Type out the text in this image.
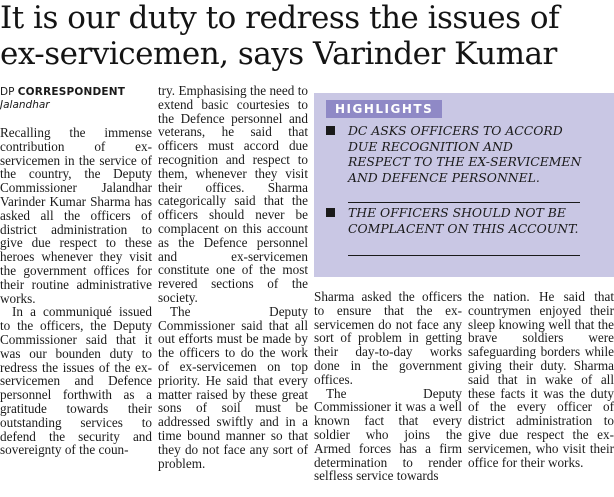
It is our duty to redress the issues of
ex-servicemen, says Varinder Kumar
DP CORRESPONDENT
Jalandhar

Recalling the immense contribution of ex-servicemen in the service of the country, the Deputy Commissioner Jalandhar Varinder Kumar Sharma has asked all the officers of district administration to give due respect to these heroes whenever they visit the government offices for their routine administrative works.

In a communiqué issued to the officers, the Deputy Commissioner said that it was our bounden duty to redress the issues of the ex-servicemen and Defence personnel forthwith as a gratitude towards their outstanding services to defend the security and sovereignty of the coun-

try. Emphasising the need to extend basic courtesies to the Defence personnel and veterans, he said that officers must accord due recognition and respect to them, whenever they visit their offices. Sharma categorically said that the officers should never be complacent on this account as the Defence personnel and ex-servicemen constitute one of the most revered sections of the society.

The Deputy Commissioner said that all out efforts must be made by the officers to do the work of ex-servicemen on top priority. He said that every matter raised by these great sons of soil must be addressed swiftly and in a time bound manner so that they do not face any sort of problem.

HIGHLIGHTS
DC ASKS OFFICERS TO ACCORD
DUE RECOGNITION AND
RESPECT TO THE EX-SERVICEMEN
AND DEFENCE PERSONNEL.
THE OFFICERS SHOULD NOT BE
COMPLACENT ON THIS ACCOUNT.

Sharma asked the officers to ensure that the ex-servicemen do not face any sort of problem in getting their day-to-day works done in the government offices.

The Deputy Commissioner it was a well known fact that every soldier who joins the Armed forces has a firm determination to render selfless service towards

the nation. He said that countrymen enjoyed their sleep knowing well that the brave soldiers were safeguarding borders while giving their duty. Sharma said that in wake of all these facts it was the duty of the every officer of district administration to give due respect the ex-servicemen, who visit their office for their works.
